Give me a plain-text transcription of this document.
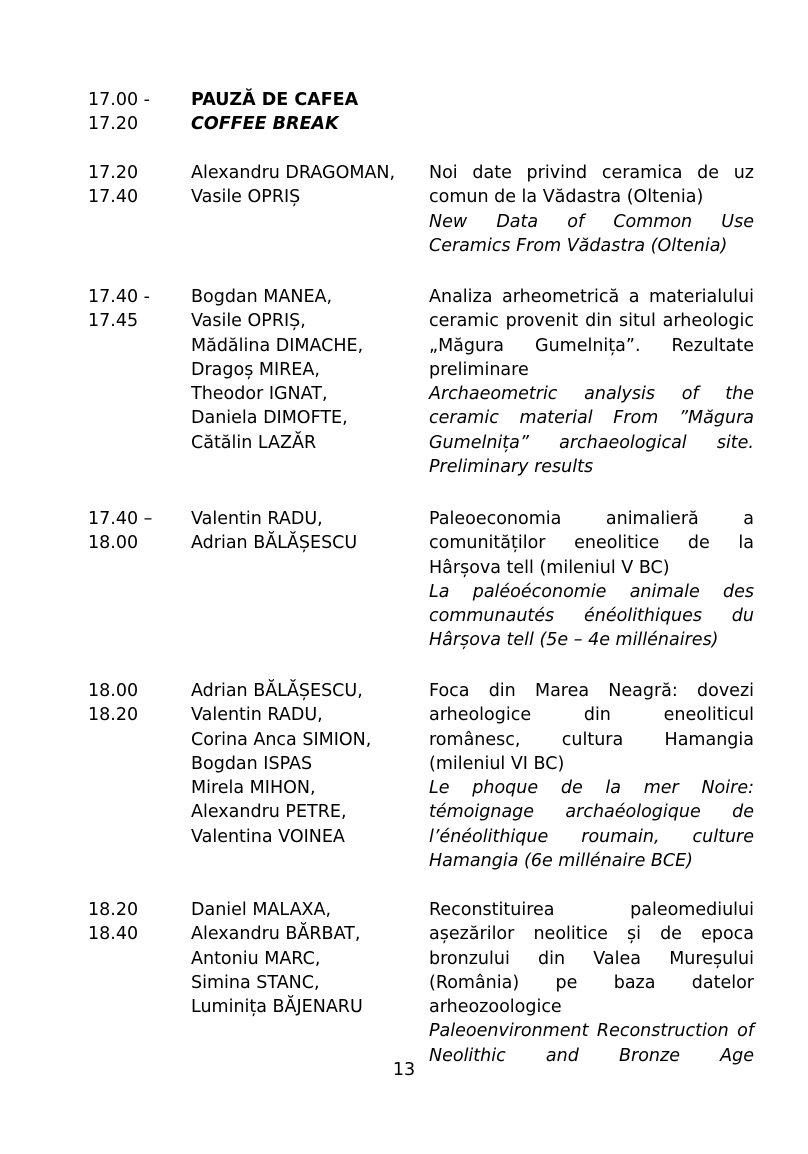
17.00 -
17.20
PAUZĂ DE CAFEA
COFFEE BREAK
17.20
17.40
Alexandru DRAGOMAN,
Vasile OPRIȘ
Noi date privind ceramica de uz
comun de la Vădastra (Oltenia)
New Data of Common Use
Ceramics From Vădastra (Oltenia)
17.40 -
17.45
Bogdan MANEA,
Vasile OPRIȘ,
Mădălina DIMACHE,
Dragoș MIREA,
Theodor IGNAT,
Daniela DIMOFTE,
Cătălin LAZĂR
Analiza arheometrică a materialului
ceramic provenit din situl arheologic
„Măgura Gumelnița”. Rezultate
preliminare
Archaeometric analysis of the
ceramic material From ”Măgura
Gumelnița” archaeological site.
Preliminary results
17.40 –
18.00
Valentin RADU,
Adrian BĂLĂȘESCU
Paleoeconomia animalieră a
comunităților eneolitice de la
Hârșova tell (mileniul V BC)
La paléoéconomie animale des
communautés énéolithiques du
Hârșova tell (5e – 4e millénaires)
18.00
18.20
Adrian BĂLĂȘESCU,
Valentin RADU,
Corina Anca SIMION,
Bogdan ISPAS
Mirela MIHON,
Alexandru PETRE,
Valentina VOINEA
Foca din Marea Neagră: dovezi
arheologice din eneoliticul
românesc, cultura Hamangia
(mileniul VI BC)
Le phoque de la mer Noire:
témoignage archaéologique de
l’énéolithique roumain, culture
Hamangia (6e millénaire BCE)
18.20
18.40
Daniel MALAXA,
Alexandru BĂRBAT,
Antoniu MARC,
Simina STANC,
Luminița BĂJENARU
Reconstituirea paleomediului
așezărilor neolitice și de epoca
bronzului din Valea Mureșului
(România) pe baza datelor
arheozoologice
Paleoenvironment Reconstruction of
Neolithic and Bronze Age
13
